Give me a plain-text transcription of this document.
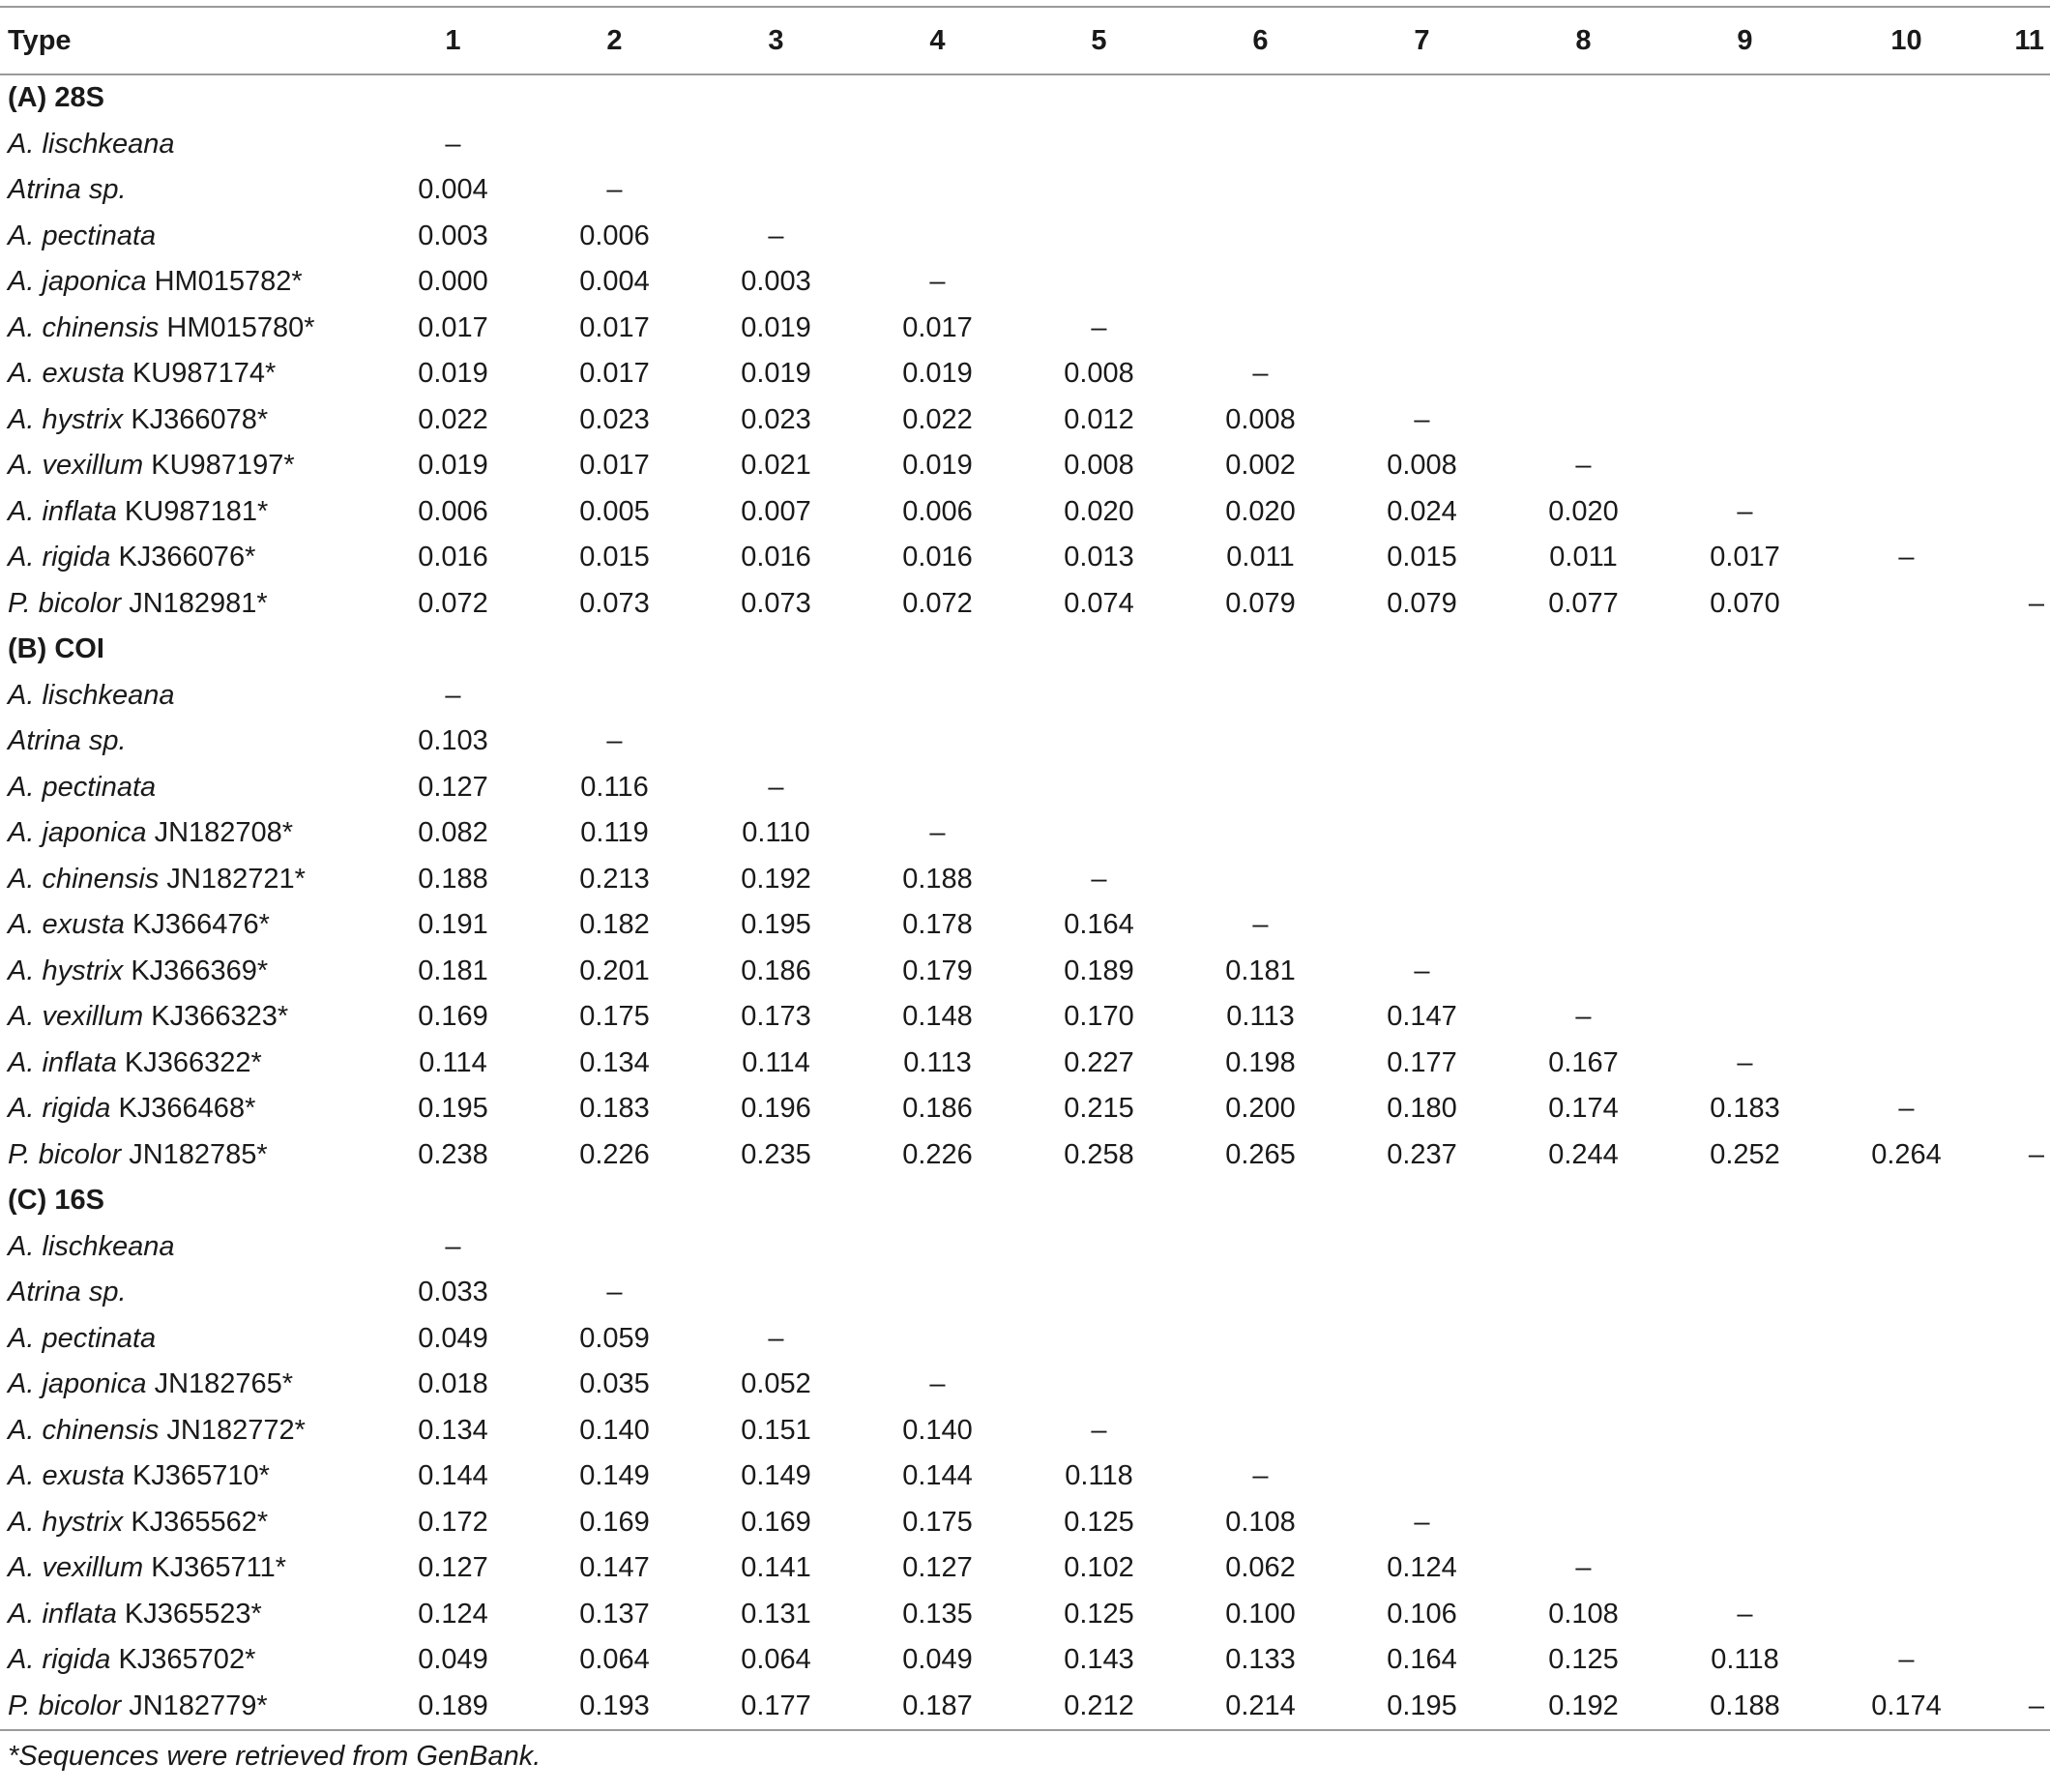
Type	1	2	3	4	5	6	7	8	9	10	11
(A) 28S											
A. lischkeana	–										
Atrina sp.	0.004	–									
A. pectinata	0.003	0.006	–								
A. japonica HM015782*	0.000	0.004	0.003	–							
A. chinensis HM015780*	0.017	0.017	0.019	0.017	–						
A. exusta KU987174*	0.019	0.017	0.019	0.019	0.008	–					
A. hystrix KJ366078*	0.022	0.023	0.023	0.022	0.012	0.008	–				
A. vexillum KU987197*	0.019	0.017	0.021	0.019	0.008	0.002	0.008	–			
A. inflata KU987181*	0.006	0.005	0.007	0.006	0.020	0.020	0.024	0.020	–		
A. rigida KJ366076*	0.016	0.015	0.016	0.016	0.013	0.011	0.015	0.011	0.017	–	
P. bicolor JN182981*	0.072	0.073	0.073	0.072	0.074	0.079	0.079	0.077	0.070		–
(B) COI											
A. lischkeana	–										
Atrina sp.	0.103	–									
A. pectinata	0.127	0.116	–								
A. japonica JN182708*	0.082	0.119	0.110	–							
A. chinensis JN182721*	0.188	0.213	0.192	0.188	–						
A. exusta KJ366476*	0.191	0.182	0.195	0.178	0.164	–					
A. hystrix KJ366369*	0.181	0.201	0.186	0.179	0.189	0.181	–				
A. vexillum KJ366323*	0.169	0.175	0.173	0.148	0.170	0.113	0.147	–			
A. inflata KJ366322*	0.114	0.134	0.114	0.113	0.227	0.198	0.177	0.167	–		
A. rigida KJ366468*	0.195	0.183	0.196	0.186	0.215	0.200	0.180	0.174	0.183	–	
P. bicolor JN182785*	0.238	0.226	0.235	0.226	0.258	0.265	0.237	0.244	0.252	0.264	–
(C) 16S											
A. lischkeana	–										
Atrina sp.	0.033	–									
A. pectinata	0.049	0.059	–								
A. japonica JN182765*	0.018	0.035	0.052	–							
A. chinensis JN182772*	0.134	0.140	0.151	0.140	–						
A. exusta KJ365710*	0.144	0.149	0.149	0.144	0.118	–					
A. hystrix KJ365562*	0.172	0.169	0.169	0.175	0.125	0.108	–				
A. vexillum KJ365711*	0.127	0.147	0.141	0.127	0.102	0.062	0.124	–			
A. inflata KJ365523*	0.124	0.137	0.131	0.135	0.125	0.100	0.106	0.108	–		
A. rigida KJ365702*	0.049	0.064	0.064	0.049	0.143	0.133	0.164	0.125	0.118	–	
P. bicolor JN182779*	0.189	0.193	0.177	0.187	0.212	0.214	0.195	0.192	0.188	0.174	–
*Sequences were retrieved from GenBank.
